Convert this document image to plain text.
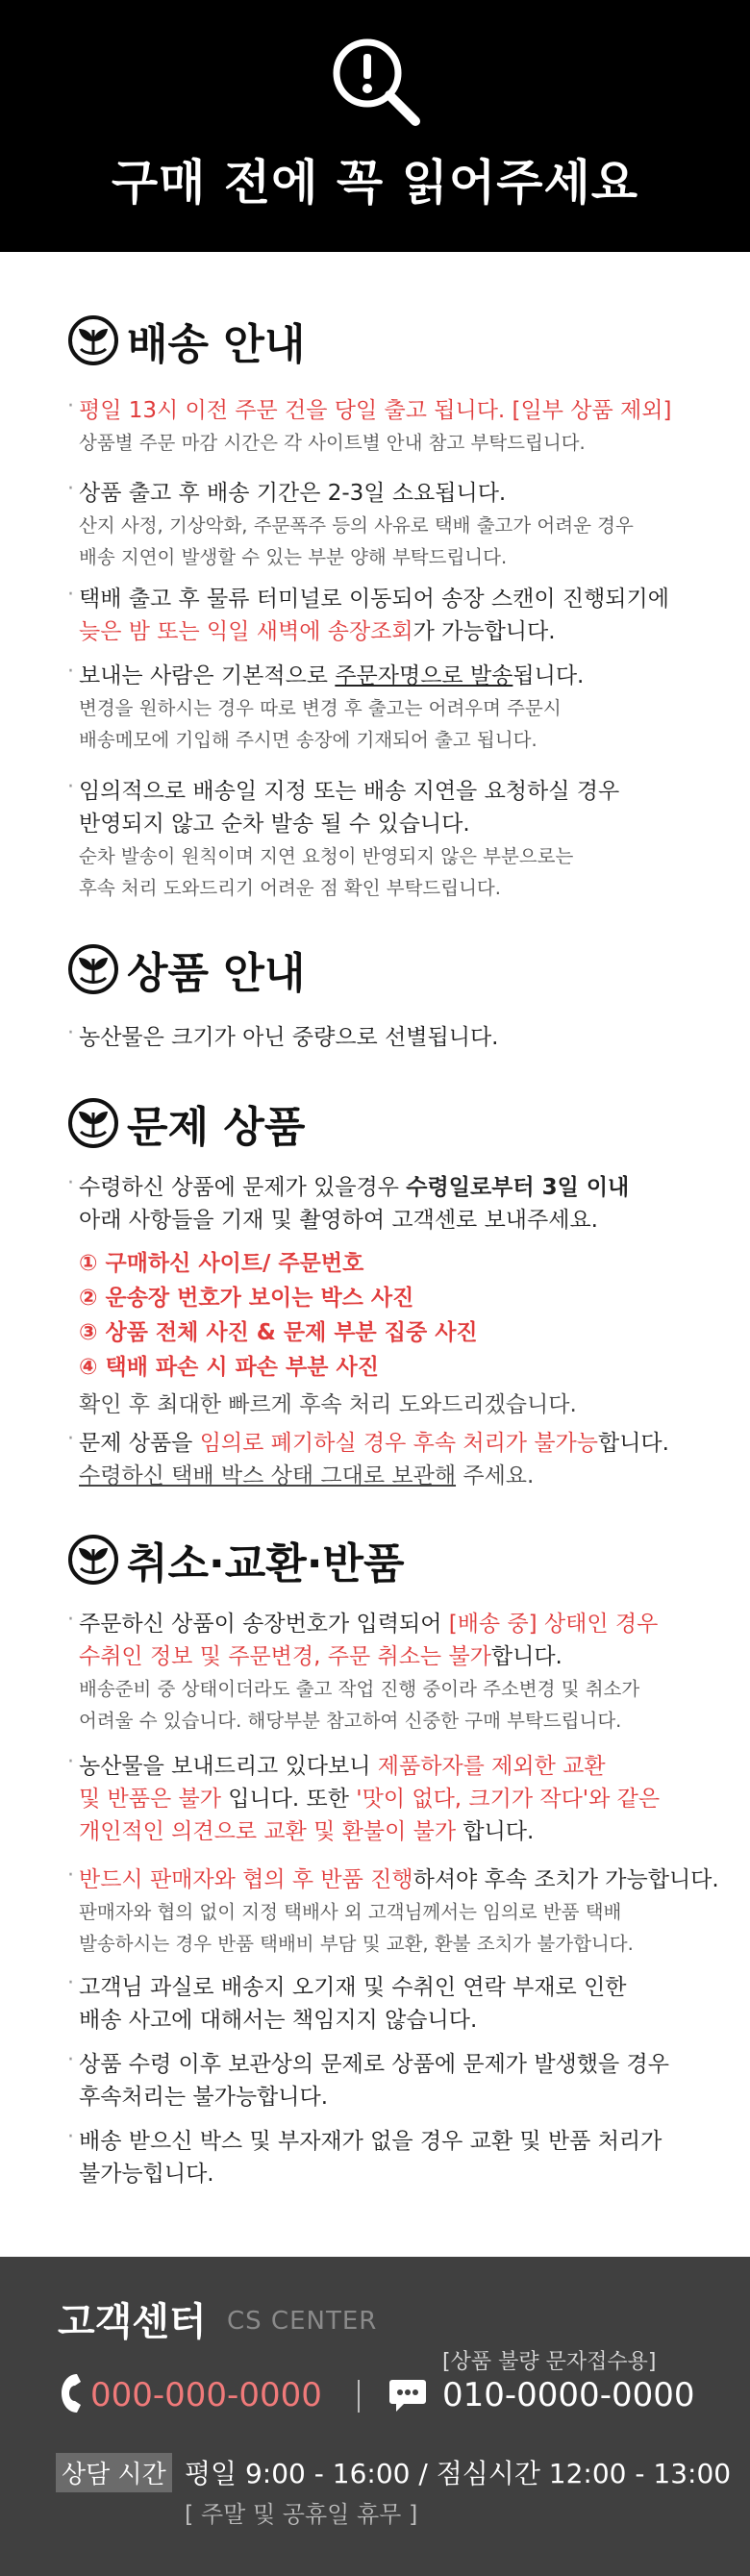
구매 전에 꼭 읽어주세요
배송 안내
· 평일 13시 이전 주문 건을 당일 출고 됩니다. [일부 상품 제외]
상품별 주문 마감 시간은 각 사이트별 안내 참고 부탁드립니다.
· 상품 출고 후 배송 기간은 2-3일 소요됩니다.
산지 사정, 기상악화, 주문폭주 등의 사유로 택배 출고가 어려운 경우
배송 지연이 발생할 수 있는 부분 양해 부탁드립니다.
· 택배 출고 후 물류 터미널로 이동되어 송장 스캔이 진행되기에
늦은 밤 또는 익일 새벽에 송장조회가 가능합니다.
· 보내는 사람은 기본적으로 주문자명으로 발송됩니다.
변경을 원하시는 경우 따로 변경 후 출고는 어려우며 주문시
배송메모에 기입해 주시면 송장에 기재되어 출고 됩니다.
· 임의적으로 배송일 지정 또는 배송 지연을 요청하실 경우
반영되지 않고 순차 발송 될 수 있습니다.
순차 발송이 원칙이며 지연 요청이 반영되지 않은 부분으로는
후속 처리 도와드리기 어려운 점 확인 부탁드립니다.
상품 안내
· 농산물은 크기가 아닌 중량으로 선별됩니다.
문제 상품
· 수령하신 상품에 문제가 있을경우 수령일로부터 3일 이내
아래 사항들을 기재 및 촬영하여 고객센로 보내주세요.
① 구매하신 사이트/ 주문번호
② 운송장 번호가 보이는 박스 사진
③ 상품 전체 사진 & 문제 부분 집중 사진
④ 택배 파손 시 파손 부분 사진
확인 후 최대한 빠르게 후속 처리 도와드리겠습니다.
· 문제 상품을 임의로 폐기하실 경우 후속 처리가 불가능합니다.
수령하신 택배 박스 상태 그대로 보관해 주세요.
취소·교환·반품
· 주문하신 상품이 송장번호가 입력되어 [배송 중] 상태인 경우
수취인 정보 및 주문변경, 주문 취소는 불가합니다.
배송준비 중 상태이더라도 출고 작업 진행 중이라 주소변경 및 취소가
어려울 수 있습니다. 해당부분 참고하여 신중한 구매 부탁드립니다.
· 농산물을 보내드리고 있다보니 제품하자를 제외한 교환
및 반품은 불가 입니다. 또한 '맛이 없다, 크기가 작다'와 같은
개인적인 의견으로 교환 및 환불이 불가 합니다.
· 반드시 판매자와 협의 후 반품 진행하셔야 후속 조치가 가능합니다.
판매자와 협의 없이 지정 택배사 외 고객님께서는 임의로 반품 택배
발송하시는 경우 반품 택배비 부담 및 교환, 환불 조치가 불가합니다.
· 고객님 과실로 배송지 오기재 및 수취인 연락 부재로 인한
배송 사고에 대해서는 책임지지 않습니다.
· 상품 수령 이후 보관상의 문제로 상품에 문제가 발생했을 경우
후속처리는 불가능합니다.
· 배송 받으신 박스 및 부자재가 없을 경우 교환 및 반품 처리가
불가능힙니다.
고객센터 CS CENTER
000-000-0000
[상품 불량 문자접수용]
010-0000-0000
상담 시간 평일 9:00 - 16:00 / 점심시간 12:00 - 13:00
[ 주말 및 공휴일 휴무 ]
